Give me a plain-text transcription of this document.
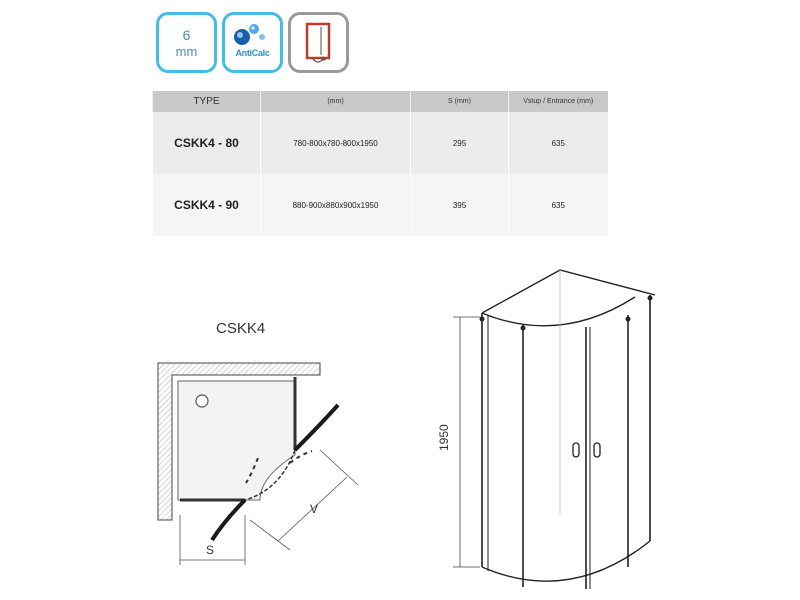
6
mm	AntiCalc
TYPE	(mm)	S (mm)	Vstup / Entrance (mm)
CSKK4 - 80	780-800x780-800x1950	295	635
CSKK4 - 90	880-900x880x900x1950	395	635
CSKK4
V
S
1950
